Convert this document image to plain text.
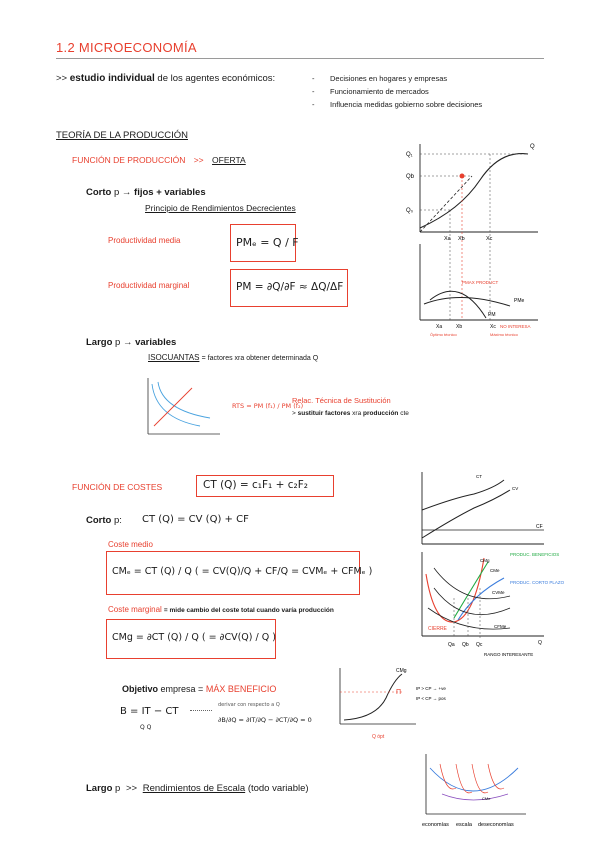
1.2 MICROECONOMÍA
>> estudio individual de los agentes económicos:	- Decisiones en hogares y empresas
- Funcionamiento de mercados
- Influencia medidas gobierno sobre decisiones
TEORÍA DE LA PRODUCCIÓN
FUNCIÓN DE PRODUCCIÓN >> OFERTA
Corto p → fijos + variables
Principio de Rendimientos Decrecientes
Productividad media	PMₑ = Q / F
Productividad marginal	PM = ∂Q/∂F ≈ ΔQ/ΔF
Largo p → variables
ISOCUANTAS = factores xra obtener determinada Q
RTS = PM (f₁) / PM (f₂)
Relac. Técnica de Sustitución
> sustituir factores xra producción cte
Q₁
Qb
Q₀
Q
Xa Xb	Xc
PMAX PRODUCT
PMe
PM
Xa	Xb	Xc NO INTERESA
Óptimo técnico	Máximo técnico
FUNCIÓN DE COSTES	CT (Q) = c₁F₁ + c₂F₂
Corto p: CT (Q) = CV (Q) + CF
Coste medio
CMₑ = CT (Q) / Q ( = CV(Q)/Q + CF/Q = CVMₑ + CFMₑ )
Coste marginal = mide cambio del coste total cuando varía producción
CMg = ∂CT (Q) / Q ( = ∂CV(Q) / Q )
CT
CV
CF
CMg
CMe
CVMe
CFMe
PRODUC. BENEFICIOS
PRODUC. CORTO PLAZO
CIERRE
Qa Qb Qc	Q
RANGO INTERESANTE
Objetivo empresa = MÁX BENEFICIO
B = IT − CT
Q Q
derivar con respecto a Q
∂B/∂Q = ∂IT/∂Q − ∂CT/∂Q = 0
CMg
Π
IP > CP → +ve
IP < CP → pos
Q ópt
Largo p >> Rendimientos de Escala (todo variable)
CMe
economías escala deseconomías
